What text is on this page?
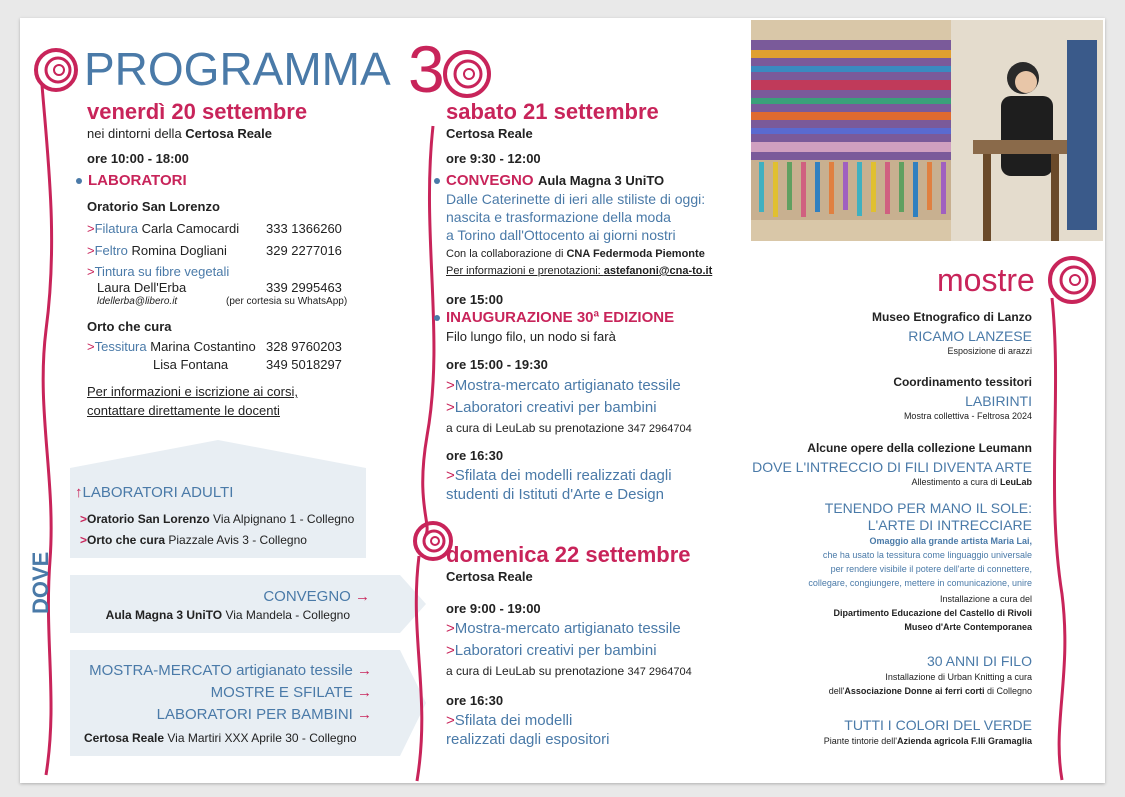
PROGRAMMA
venerdì 20 settembre
nei dintorni della Certosa Reale
ore 10:00 - 18:00
LABORATORI
Oratorio San Lorenzo
>Filatura Carla Camocardi 333 1366260
>Feltro Romina Dogliani	329 2277016
>Tintura su fibre vegetali
Laura Dell'Erba	339 2995463
ldellerba@libero.it	(per cortesia su WhatsApp)
Orto che cura
>Tessitura Marina Costantino 328 9760203
Lisa Fontana	349 5018297
Per informazioni e iscrizione ai corsi,
contattare direttamente le docenti
↑LABORATORI ADULTI
>Oratorio San Lorenzo Via Alpignano 1 - Collegno
>Orto che cura Piazzale Avis 3 - Collegno
DOVE	CONVEGNO →
Aula Magna 3 UniTO Via Mandela - Collegno
MOSTRA-MERCATO artigianato tessile →
MOSTRE E SFILATE →
LABORATORI PER BAMBINI →
Certosa Reale Via Martiri XXX Aprile 30 - Collegno
3
sabato 21 settembre
Certosa Reale
ore 9:30 - 12:00
CONVEGNO Aula Magna 3 UniTO
Dalle Caterinette di ieri alle stiliste di oggi:
nascita e trasformazione della moda
a Torino dall'Ottocento ai giorni nostri
Con la collaborazione di CNA Federmoda Piemonte
Per informazioni e prenotazioni: astefanoni@cna-to.it
ore 15:00
INAUGURAZIONE 30ª EDIZIONE
Filo lungo filo, un nodo si farà
ore 15:00 - 19:30
>Mostra-mercato artigianato tessile
>Laboratori creativi per bambini
a cura di LeuLab su prenotazione 347 2964704
ore 16:30
>Sfilata dei modelli realizzati dagli
studenti di Istituti d'Arte e Design
domenica 22 settembre
Certosa Reale
ore 9:00 - 19:00
>Mostra-mercato artigianato tessile
>Laboratori creativi per bambini
a cura di LeuLab su prenotazione 347 2964704
ore 16:30
>Sfilata dei modelli
realizzati dagli espositori
mostre
Museo Etnografico di Lanzo
RICAMO LANZESE
Esposizione di arazzi
Coordinamento tessitori
LABIRINTI
Mostra collettiva - Feltrosa 2024
Alcune opere della collezione Leumann
DOVE L'INTRECCIO DI FILI DIVENTA ARTE
Allestimento a cura di LeuLab
TENENDO PER MANO IL SOLE:
L'ARTE DI INTRECCIARE
Omaggio alla grande artista Maria Lai,
che ha usato la tessitura come linguaggio universale
per rendere visibile il potere dell'arte di connettere,
collegare, congiungere, mettere in comunicazione, unire
Installazione a cura del
Dipartimento Educazione del Castello di Rivoli
Museo d'Arte Contemporanea
30 ANNI DI FILO
Installazione di Urban Knitting a cura
dell'Associazione Donne ai ferri corti di Collegno
TUTTI I COLORI DEL VERDE
Piante tintorie dell'Azienda agricola F.lli Gramaglia
